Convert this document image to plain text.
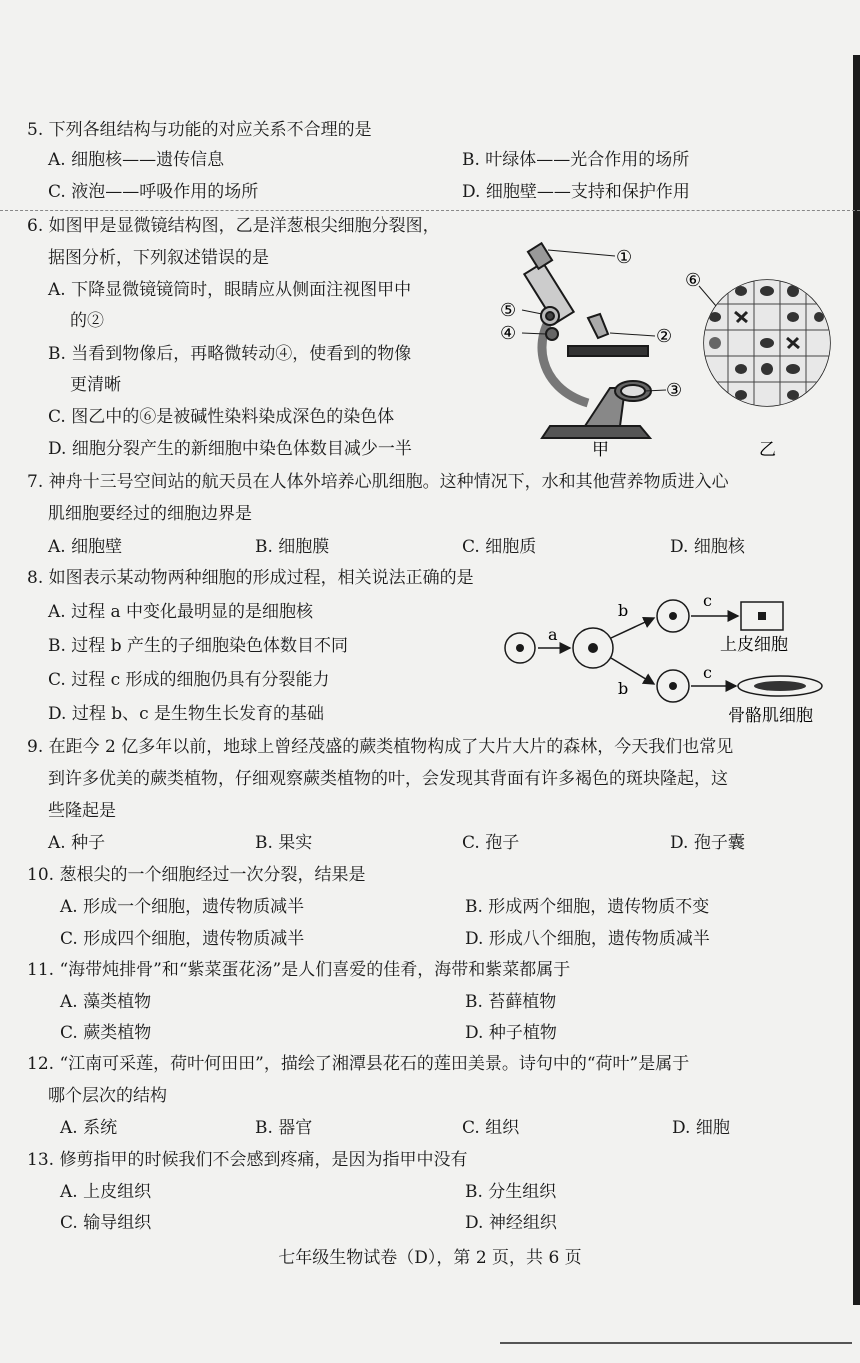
5. 下列各组结构与功能的对应关系不合理的是
A. 细胞核——遗传信息	B. 叶绿体——光合作用的场所
C. 液泡——呼吸作用的场所	D. 细胞壁——支持和保护作用
6. 如图甲是显微镜结构图，乙是洋葱根尖细胞分裂图，
据图分析，下列叙述错误的是
A. 下降显微镜镜筒时，眼睛应从侧面注视图甲中
的②
B. 当看到物像后，再略微转动④，使看到的物像
更清晰
C. 图乙中的⑥是被碱性染料染成深色的染色体
D. 细胞分裂产生的新细胞中染色体数目减少一半
①
②
③
④
⑤
⑥
甲	乙
7. 神舟十三号空间站的航天员在人体外培养心肌细胞。这种情况下，水和其他营养物质进入心
肌细胞要经过的细胞边界是
A. 细胞壁	B. 细胞膜	C. 细胞质	D. 细胞核
8. 如图表示某动物两种细胞的形成过程，相关说法正确的是
A. 过程 a 中变化最明显的是细胞核
B. 过程 b 产生的子细胞染色体数目不同
C. 过程 c 形成的细胞仍具有分裂能力
D. 过程 b、c 是生物生长发育的基础
a
b
b
c
c
上皮细胞
骨骼肌细胞
9. 在距今 2 亿多年以前，地球上曾经茂盛的蕨类植物构成了大片大片的森林，今天我们也常见
到许多优美的蕨类植物，仔细观察蕨类植物的叶，会发现其背面有许多褐色的斑块隆起，这
些隆起是
A. 种子	B. 果实	C. 孢子	D. 孢子囊
10. 葱根尖的一个细胞经过一次分裂，结果是
A. 形成一个细胞，遗传物质减半	B. 形成两个细胞，遗传物质不变
C. 形成四个细胞，遗传物质减半	D. 形成八个细胞，遗传物质减半
11. “海带炖排骨”和“紫菜蛋花汤”是人们喜爱的佳肴，海带和紫菜都属于
A. 藻类植物	B. 苔藓植物
C. 蕨类植物	D. 种子植物
12. “江南可采莲，荷叶何田田”，描绘了湘潭县花石的莲田美景。诗句中的“荷叶”是属于
哪个层次的结构
A. 系统	B. 器官	C. 组织	D. 细胞
13. 修剪指甲的时候我们不会感到疼痛，是因为指甲中没有
A. 上皮组织	B. 分生组织
C. 输导组织	D. 神经组织
七年级生物试卷（D），第 2 页，共 6 页
